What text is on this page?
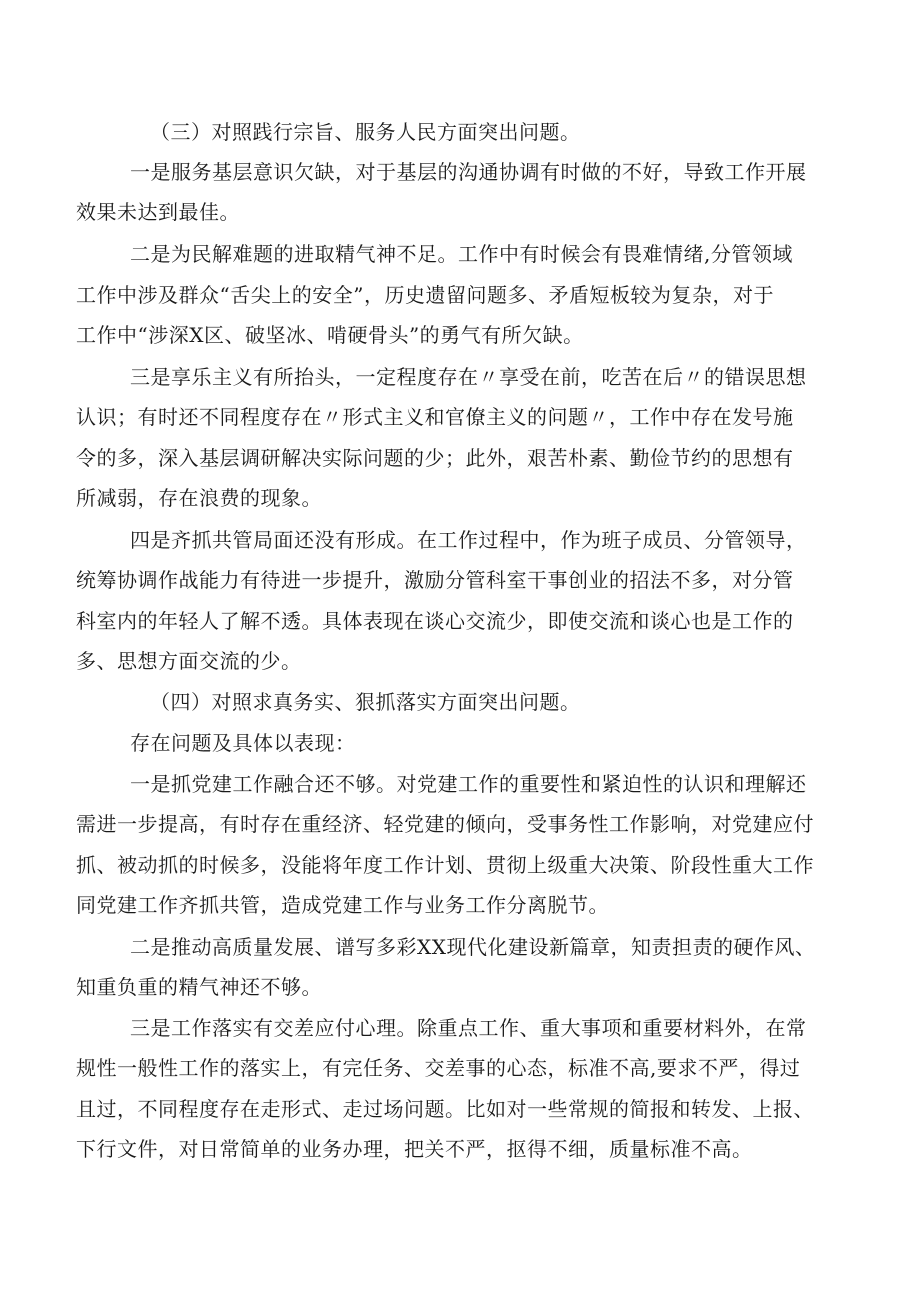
（三）对照践行宗旨、服务人民方面突出问题。
一是服务基层意识欠缺，对于基层的沟通协调有时做的不好，导致工作开展
效果未达到最佳。
二是为民解难题的进取精气神不足。工作中有时候会有畏难情绪,分管领域
工作中涉及群众“舌尖上的安全”，历史遗留问题多、矛盾短板较为复杂，对于
工作中“涉深X区、破坚冰、啃硬骨头”的勇气有所欠缺。
三是享乐主义有所抬头，一定程度存在〃享受在前，吃苦在后〃的错误思想
认识；有时还不同程度存在〃形式主义和官僚主义的问题〃，工作中存在发号施
令的多，深入基层调研解决实际问题的少；此外，艰苦朴素、勤俭节约的思想有
所减弱，存在浪费的现象。
四是齐抓共管局面还没有形成。在工作过程中，作为班子成员、分管领导，
统筹协调作战能力有待进一步提升，激励分管科室干事创业的招法不多，对分管
科室内的年轻人了解不透。具体表现在谈心交流少，即使交流和谈心也是工作的
多、思想方面交流的少。
（四）对照求真务实、狠抓落实方面突出问题。
存在问题及具体以表现：
一是抓党建工作融合还不够。对党建工作的重要性和紧迫性的认识和理解还
需进一步提高，有时存在重经济、轻党建的倾向，受事务性工作影响，对党建应付
抓、被动抓的时候多，没能将年度工作计划、贯彻上级重大决策、阶段性重大工作
同党建工作齐抓共管，造成党建工作与业务工作分离脱节。
二是推动高质量发展、谱写多彩XX现代化建设新篇章，知责担责的硬作风、
知重负重的精气神还不够。
三是工作落实有交差应付心理。除重点工作、重大事项和重要材料外，在常
规性一般性工作的落实上，有完任务、交差事的心态，标准不高,要求不严，得过
且过，不同程度存在走形式、走过场问题。比如对一些常规的简报和转发、上报、
下行文件，对日常简单的业务办理，把关不严，抠得不细，质量标准不高。
